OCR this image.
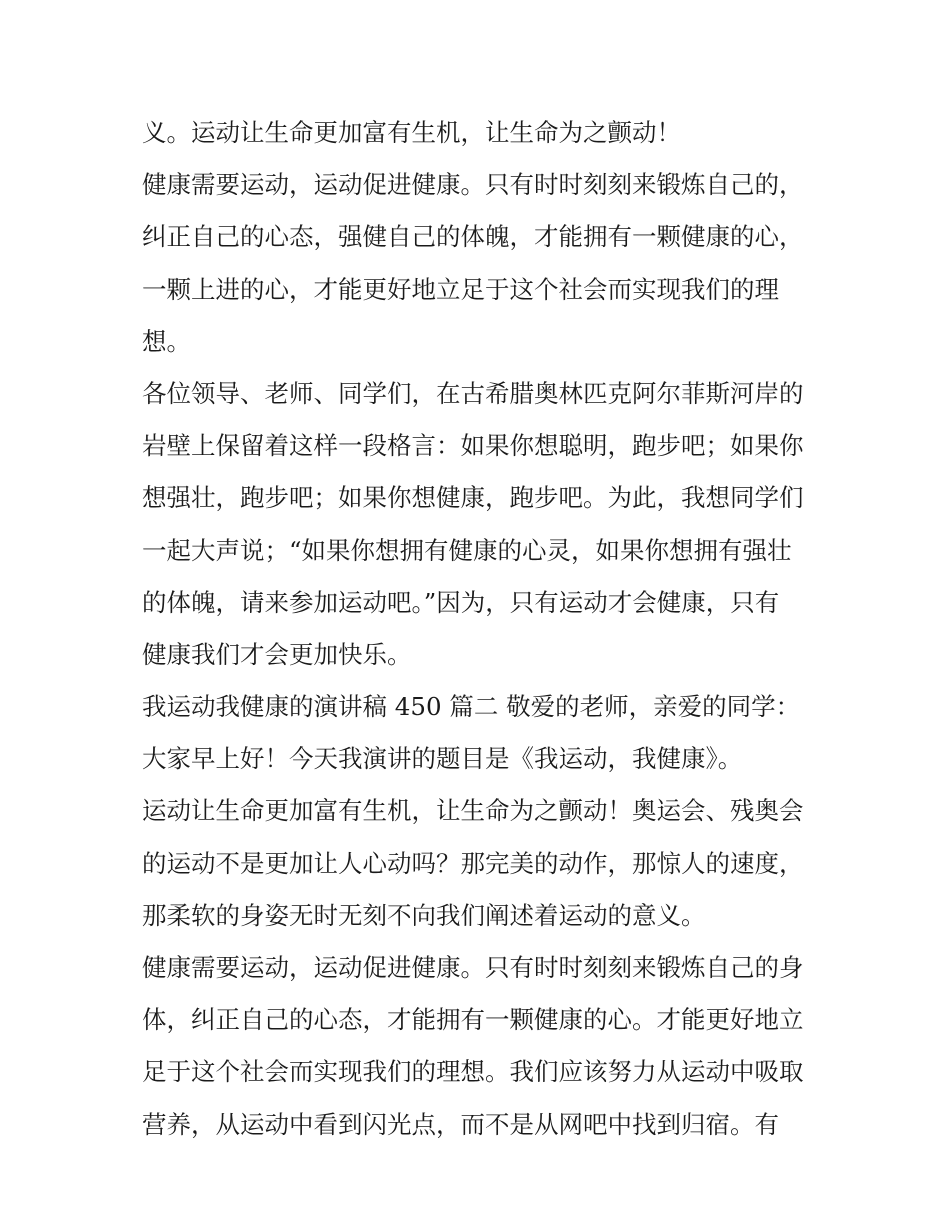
义。运动让生命更加富有生机，让生命为之颤动！
健康需要运动，运动促进健康。只有时时刻刻来锻炼自己的，
纠正自己的心态，强健自己的体魄，才能拥有一颗健康的心，
一颗上进的心，才能更好地立足于这个社会而实现我们的理
想。
各位领导、老师、同学们，在古希腊奥林匹克阿尔菲斯河岸的
岩壁上保留着这样一段格言：如果你想聪明，跑步吧；如果你
想强壮，跑步吧；如果你想健康，跑步吧。为此，我想同学们
一起大声说；“如果你想拥有健康的心灵，如果你想拥有强壮
的体魄，请来参加运动吧。”因为，只有运动才会健康，只有
健康我们才会更加快乐。
我运动我健康的演讲稿 450 篇二 敬爱的老师，亲爱的同学：
大家早上好！今天我演讲的题目是《我运动，我健康》。
运动让生命更加富有生机，让生命为之颤动！奥运会、残奥会
的运动不是更加让人心动吗？那完美的动作，那惊人的速度，
那柔软的身姿无时无刻不向我们阐述着运动的意义。
健康需要运动，运动促进健康。只有时时刻刻来锻炼自己的身
体，纠正自己的心态，才能拥有一颗健康的心。才能更好地立
足于这个社会而实现我们的理想。我们应该努力从运动中吸取
营养，从运动中看到闪光点，而不是从网吧中找到归宿。有
